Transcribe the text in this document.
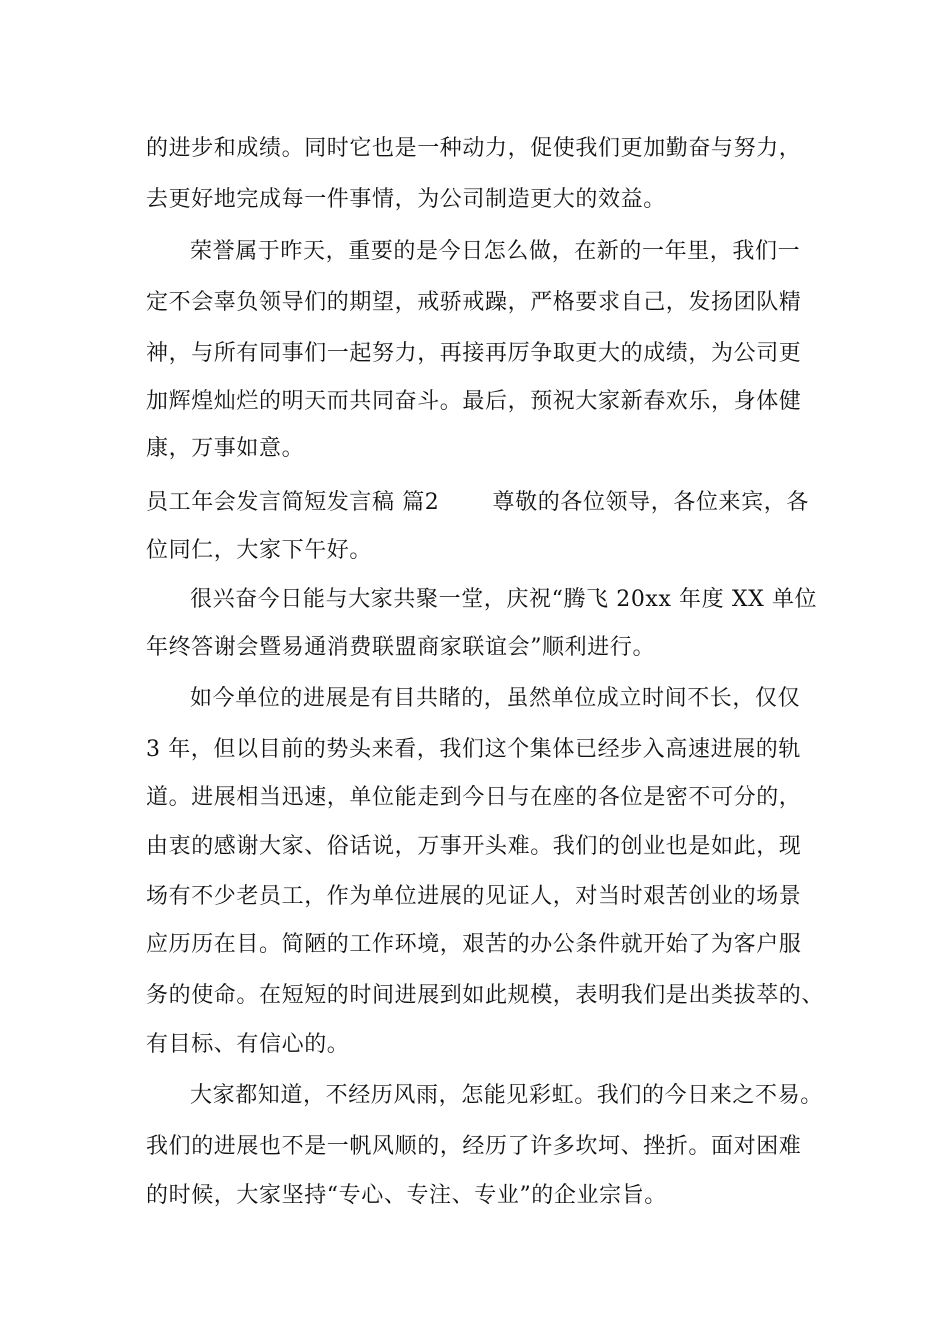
的进步和成绩。同时它也是一种动力，促使我们更加勤奋与努力，
去更好地完成每一件事情，为公司制造更大的效益。
荣誉属于昨天，重要的是今日怎么做，在新的一年里，我们一
定不会辜负领导们的期望，戒骄戒躁，严格要求自己，发扬团队精
神，与所有同事们一起努力，再接再厉争取更大的成绩，为公司更
加辉煌灿烂的明天而共同奋斗。最后，预祝大家新春欢乐，身体健
康，万事如意。
员工年会发言简短发言稿 篇2       尊敬的各位领导，各位来宾，各
位同仁，大家下午好。
很兴奋今日能与大家共聚一堂，庆祝“腾飞 20xx 年度 XX 单位
年终答谢会暨易通消费联盟商家联谊会”顺利进行。
如今单位的进展是有目共睹的，虽然单位成立时间不长，仅仅
3 年，但以目前的势头来看，我们这个集体已经步入高速进展的轨
道。进展相当迅速，单位能走到今日与在座的各位是密不可分的，
由衷的感谢大家、俗话说，万事开头难。我们的创业也是如此，现
场有不少老员工，作为单位进展的见证人，对当时艰苦创业的场景
应历历在目。简陋的工作环境，艰苦的办公条件就开始了为客户服
务的使命。在短短的时间进展到如此规模，表明我们是出类拔萃的、
有目标、有信心的。
大家都知道，不经历风雨，怎能见彩虹。我们的今日来之不易。
我们的进展也不是一帆风顺的，经历了许多坎坷、挫折。面对困难
的时候，大家坚持“专心、专注、专业”的企业宗旨。
